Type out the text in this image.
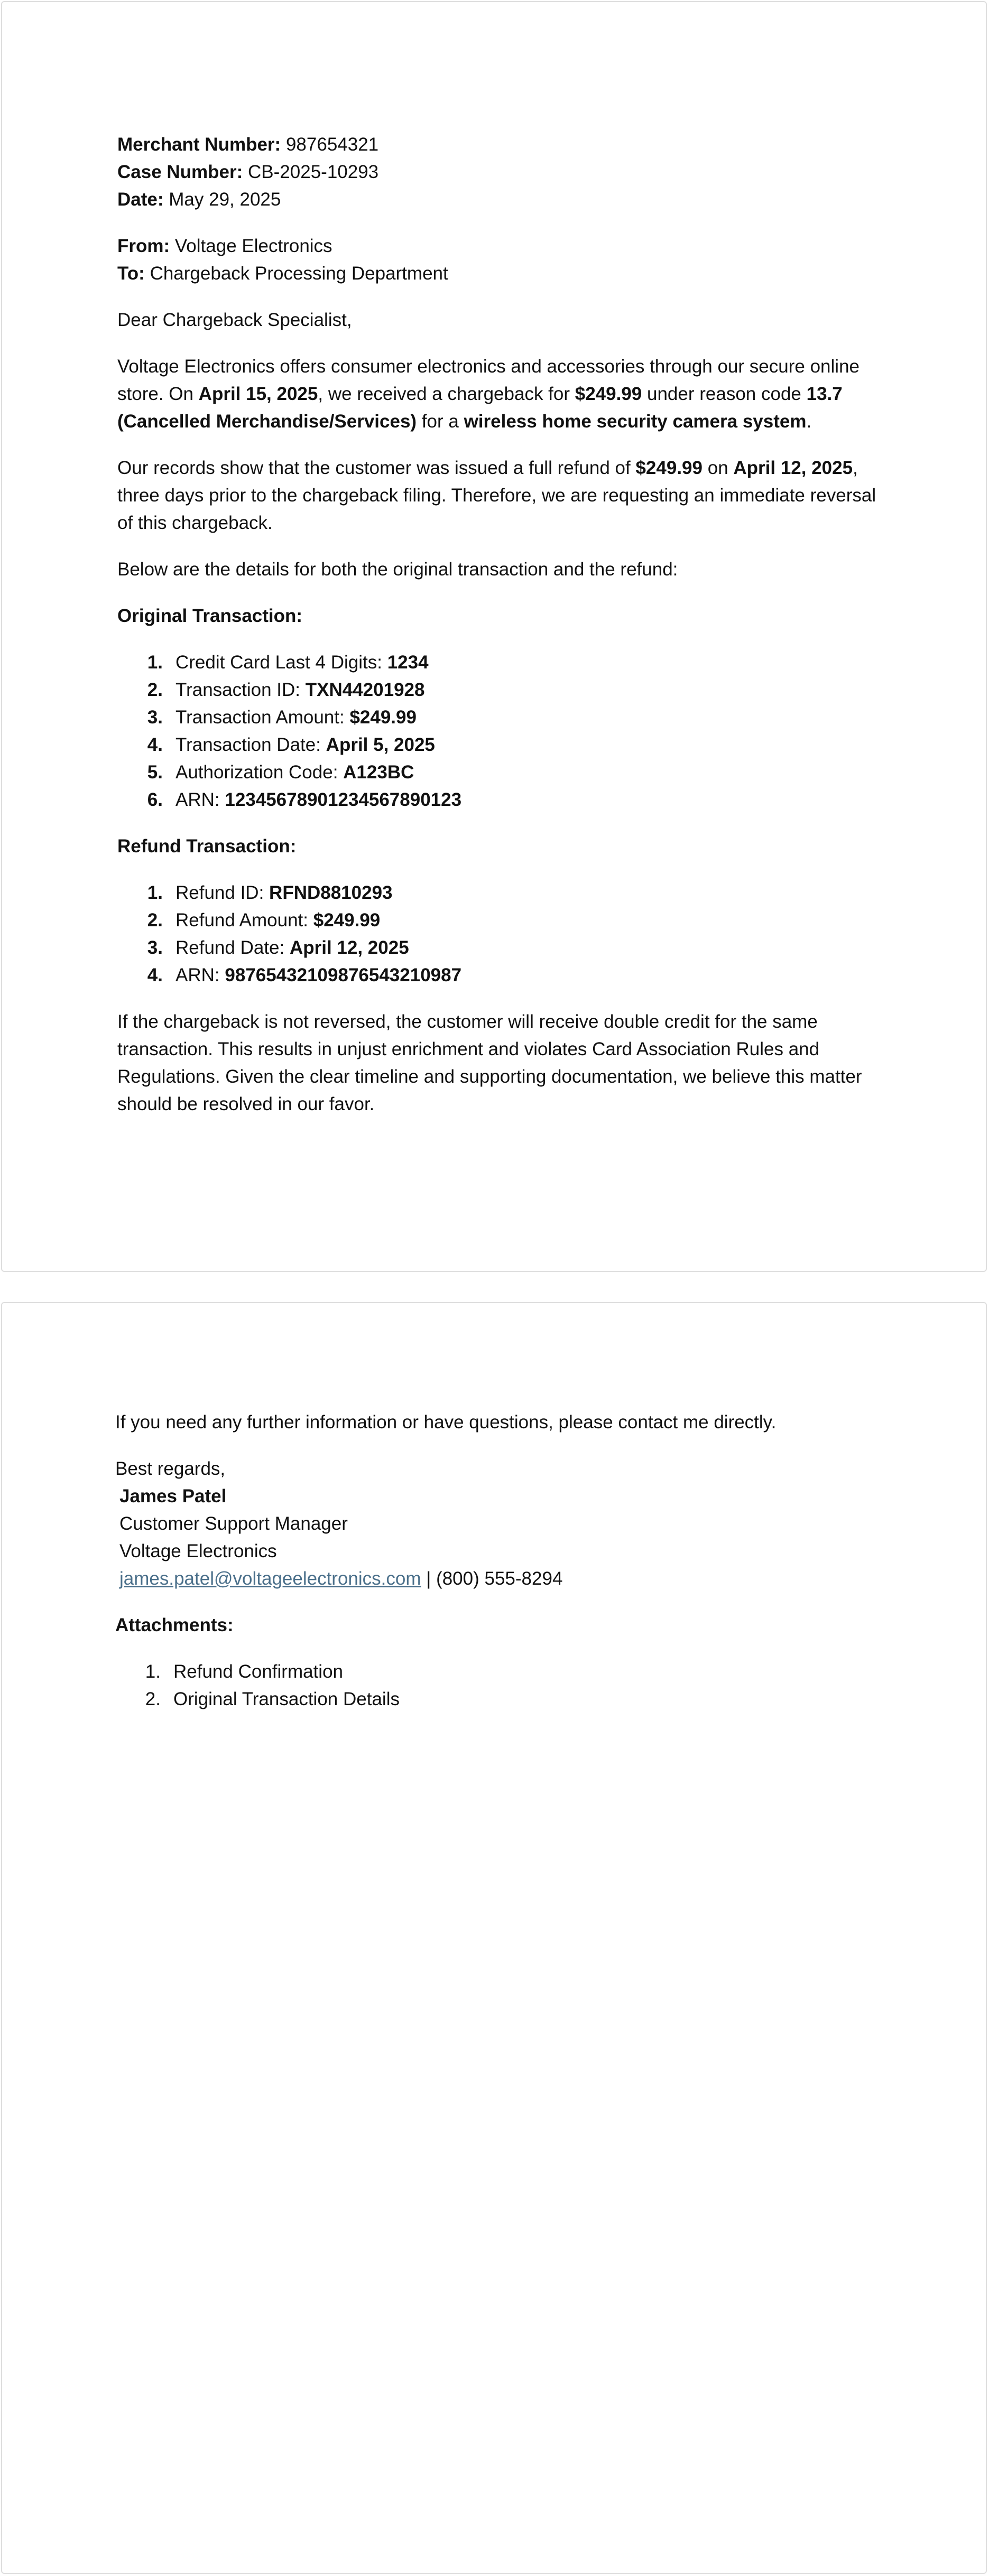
Merchant Number: 987654321
Case Number: CB-2025-10293
Date: May 29, 2025
From: Voltage Electronics
To: Chargeback Processing Department

Dear Chargeback Specialist,

Voltage Electronics offers consumer electronics and accessories through our secure online store. On April 15, 2025, we received a chargeback for $249.99 under reason code 13.7 (Cancelled Merchandise/Services) for a wireless home security camera system.

Our records show that the customer was issued a full refund of $249.99 on April 12, 2025, three days prior to the chargeback filing. Therefore, we are requesting an immediate reversal of this chargeback.

Below are the details for both the original transaction and the refund:

Original Transaction:
1. Credit Card Last 4 Digits: 1234
2. Transaction ID: TXN44201928
3. Transaction Amount: $249.99
4. Transaction Date: April 5, 2025
5. Authorization Code: A123BC
6. ARN: 12345678901234567890123
Refund Transaction:
1. Refund ID: RFND8810293
2. Refund Amount: $249.99
3. Refund Date: April 12, 2025
4. ARN: 98765432109876543210987

If the chargeback is not reversed, the customer will receive double credit for the same transaction. This results in unjust enrichment and violates Card Association Rules and Regulations. Given the clear timeline and supporting documentation, we believe this matter should be resolved in our favor.

If you need any further information or have questions, please contact me directly.

Best regards,
James Patel
Customer Support Manager
Voltage Electronics
james.patel@voltageelectronics.com | (800) 555-8294
Attachments:
1. Refund Confirmation
2. Original Transaction Details
